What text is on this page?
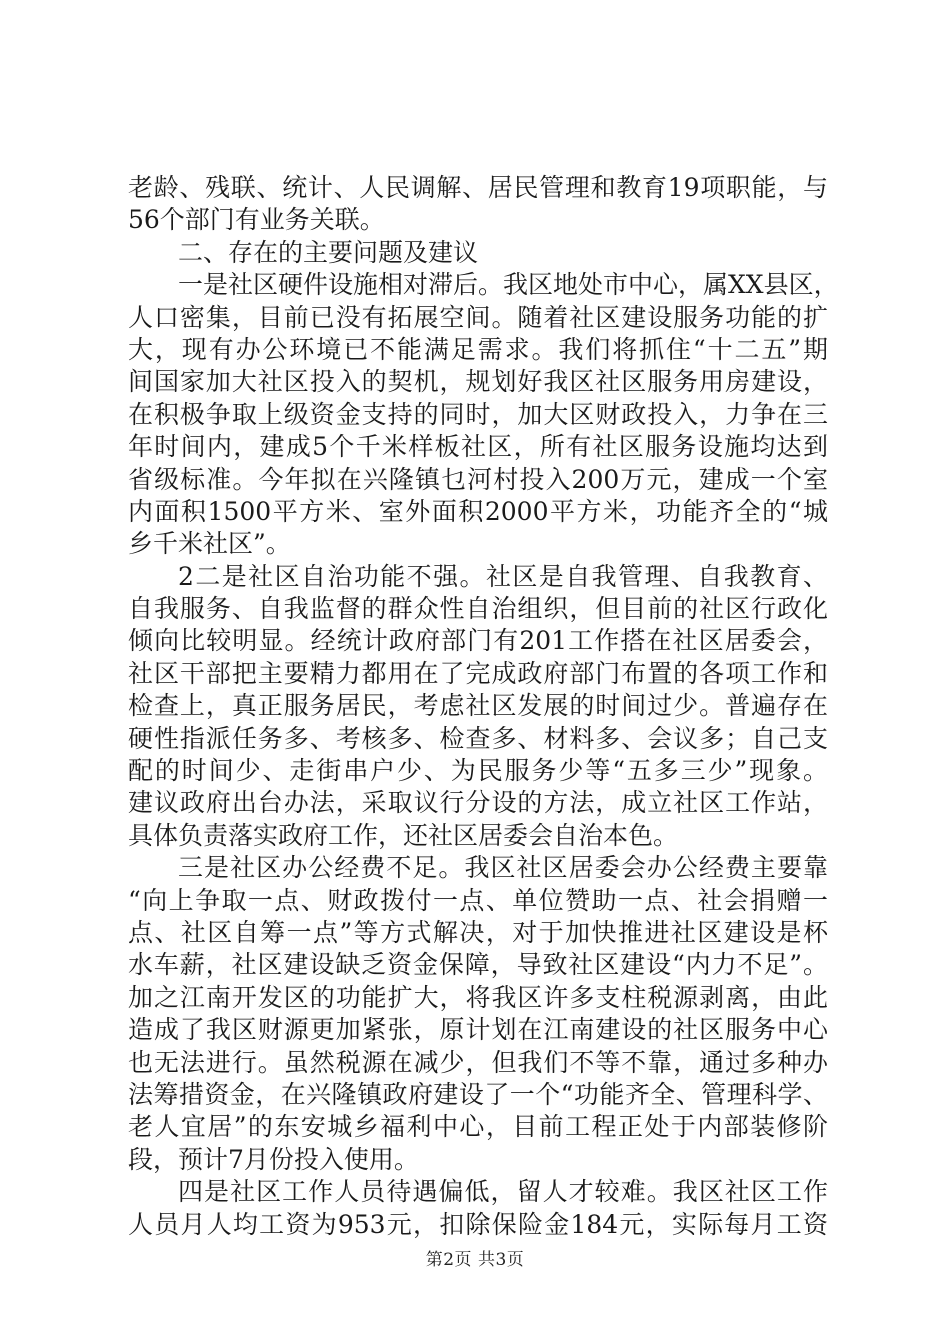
老龄、残联、统计、人民调解、居民管理和教育19项职能，与
56个部门有业务关联。
二、存在的主要问题及建议
一是社区硬件设施相对滞后。我区地处市中心，属XX县区，
人口密集，目前已没有拓展空间。随着社区建设服务功能的扩
大，现有办公环境已不能满足需求。我们将抓住“十二五”期
间国家加大社区投入的契机，规划好我区社区服务用房建设，
在积极争取上级资金支持的同时，加大区财政投入，力争在三
年时间内，建成5个千米样板社区，所有社区服务设施均达到
省级标准。今年拟在兴隆镇乜河村投入200万元，建成一个室
内面积1500平方米、室外面积2000平方米，功能齐全的“城
乡千米社区”。
2二是社区自治功能不强。社区是自我管理、自我教育、
自我服务、自我监督的群众性自治组织，但目前的社区行政化
倾向比较明显。经统计政府部门有201工作搭在社区居委会，
社区干部把主要精力都用在了完成政府部门布置的各项工作和
检查上，真正服务居民，考虑社区发展的时间过少。普遍存在
硬性指派任务多、考核多、检查多、材料多、会议多；自己支
配的时间少、走街串户少、为民服务少等“五多三少”现象。
建议政府出台办法，采取议行分设的方法，成立社区工作站，
具体负责落实政府工作，还社区居委会自治本色。
三是社区办公经费不足。我区社区居委会办公经费主要靠
“向上争取一点、财政拨付一点、单位赞助一点、社会捐赠一
点、社区自筹一点”等方式解决，对于加快推进社区建设是杯
水车薪，社区建设缺乏资金保障，导致社区建设“内力不足”。
加之江南开发区的功能扩大，将我区许多支柱税源剥离，由此
造成了我区财源更加紧张，原计划在江南建设的社区服务中心
也无法进行。虽然税源在减少，但我们不等不靠，通过多种办
法筹措资金，在兴隆镇政府建设了一个“功能齐全、管理科学、
老人宜居”的东安城乡福利中心，目前工程正处于内部装修阶
段，预计7月份投入使用。
四是社区工作人员待遇偏低，留人才较难。我区社区工作
人员月人均工资为953元，扣除保险金184元，实际每月工资
第2页 共3页
